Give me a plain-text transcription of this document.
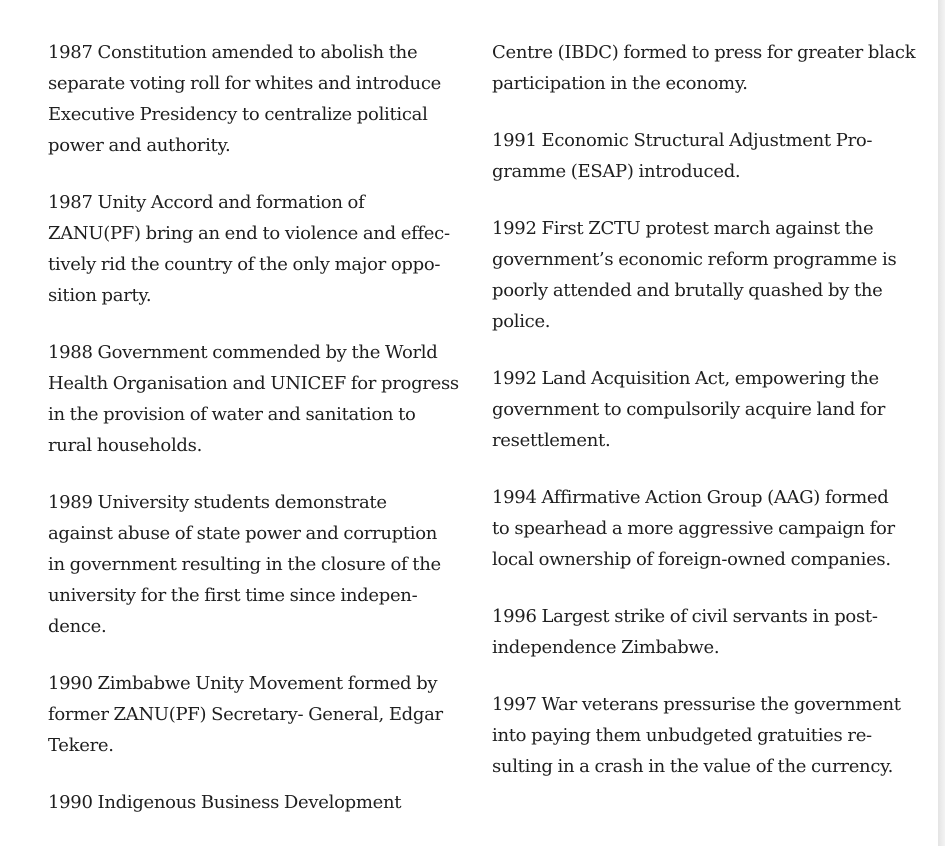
1987 Constitution amended to abolish the
separate voting roll for whites and introduce
Executive Presidency to centralize political
power and authority.

1987 Unity Accord and formation of
ZANU(PF) bring an end to violence and effec-
tively rid the country of the only major oppo-
sition party.

1988 Government commended by the World
Health Organisation and UNICEF for progress
in the provision of water and sanitation to
rural households.

1989 University students demonstrate
against abuse of state power and corruption
in government resulting in the closure of the
university for the first time since indepen-
dence.

1990 Zimbabwe Unity Movement formed by
former ZANU(PF) Secretary- General, Edgar
Tekere.

1990 Indigenous Business Development

Centre (IBDC) formed to press for greater black
participation in the economy.

1991 Economic Structural Adjustment Pro-
gramme (ESAP) introduced.

1992 First ZCTU protest march against the
government’s economic reform programme is
poorly attended and brutally quashed by the
police.

1992 Land Acquisition Act, empowering the
government to compulsorily acquire land for
resettlement.

1994 Affirmative Action Group (AAG) formed
to spearhead a more aggressive campaign for
local ownership of foreign-owned companies.

1996 Largest strike of civil servants in post-
independence Zimbabwe.

1997 War veterans pressurise the government
into paying them unbudgeted gratuities re-
sulting in a crash in the value of the currency.
